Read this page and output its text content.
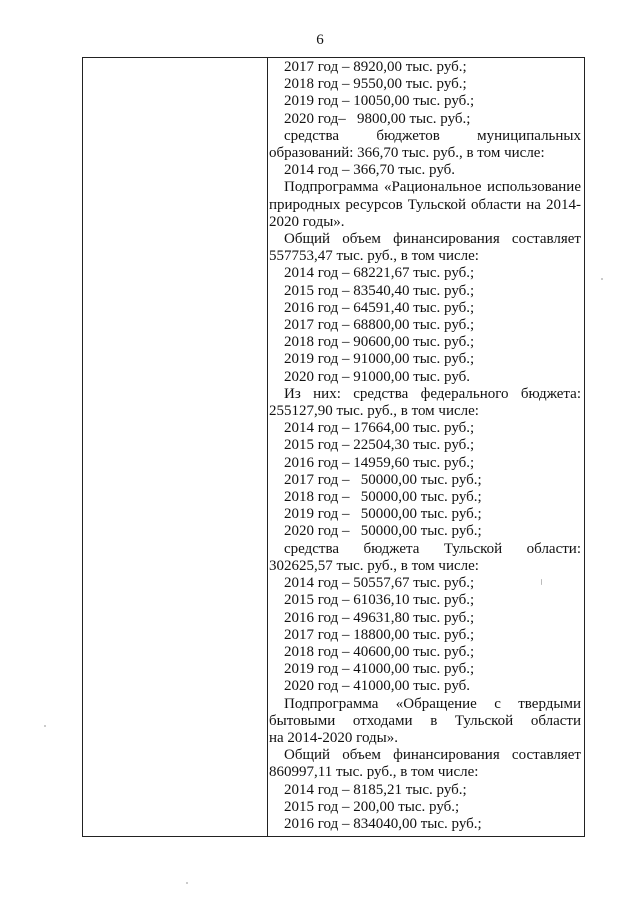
6
2017 год – 8920,00 тыс. руб.;
2018 год – 9550,00 тыс. руб.;
2019 год – 10050,00 тыс. руб.;
2020 год–   9800,00 тыс. руб.;
средства бюджетов муниципальных
образований: 366,70 тыс. руб., в том числе:
2014 год – 366,70 тыс. руб.
Подпрограмма «Рациональное использование
природных ресурсов Тульской области на 2014-
2020 годы».
Общий объем финансирования составляет
557753,47 тыс. руб., в том числе:
2014 год – 68221,67 тыс. руб.;
2015 год – 83540,40 тыс. руб.;
2016 год – 64591,40 тыс. руб.;
2017 год – 68800,00 тыс. руб.;
2018 год – 90600,00 тыс. руб.;
2019 год – 91000,00 тыс. руб.;
2020 год – 91000,00 тыс. руб.
Из них: средства федерального бюджета:
255127,90 тыс. руб., в том числе:
2014 год – 17664,00 тыс. руб.;
2015 год – 22504,30 тыс. руб.;
2016 год – 14959,60 тыс. руб.;
2017 год –   50000,00 тыс. руб.;
2018 год –   50000,00 тыс. руб.;
2019 год –   50000,00 тыс. руб.;
2020 год –   50000,00 тыс. руб.;
средства бюджета Тульской области:
302625,57 тыс. руб., в том числе:
2014 год – 50557,67 тыс. руб.;
2015 год – 61036,10 тыс. руб.;
2016 год – 49631,80 тыс. руб.;
2017 год – 18800,00 тыс. руб.;
2018 год – 40600,00 тыс. руб.;
2019 год – 41000,00 тыс. руб.;
2020 год – 41000,00 тыс. руб.
Подпрограмма «Обращение с твердыми
бытовыми отходами в Тульской области
на 2014-2020 годы».
Общий объем финансирования составляет
860997,11 тыс. руб., в том числе:
2014 год – 8185,21 тыс. руб.;
2015 год – 200,00 тыс. руб.;
2016 год – 834040,00 тыс. руб.;
